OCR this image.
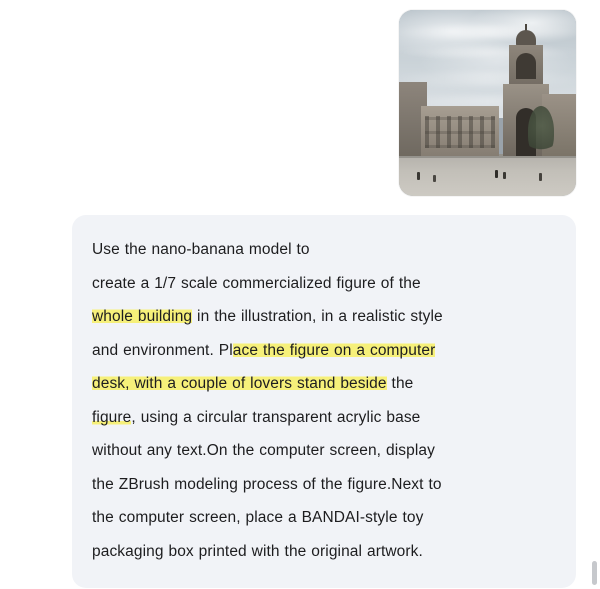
Use the nano-banana model to
create a 1/7 scale commercialized figure of the
whole building in the illustration, in a realistic style
and environment. Place the figure on a computer
desk, with a couple of lovers stand beside the
figure, using a circular transparent acrylic base
without any text.On the computer screen, display
the ZBrush modeling process of the figure.Next to
the computer screen, place a BANDAI-style toy
packaging box printed with the original artwork.
